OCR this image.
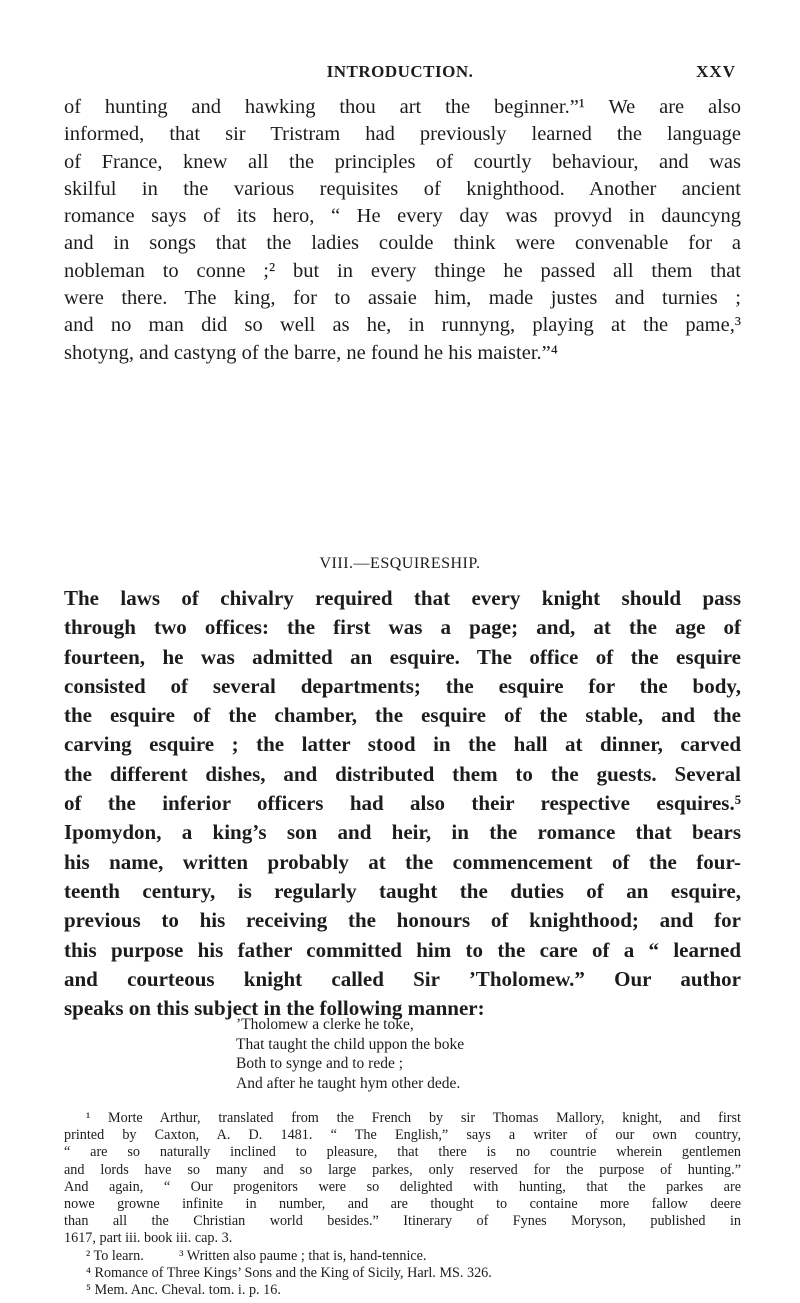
INTRODUCTION.	XXV
of hunting and hawking thou art the beginner.”¹ We are also
informed, that sir Tristram had previously learned the language
of France, knew all the principles of courtly behaviour, and was
skilful in the various requisites of knighthood. Another ancient
romance says of its hero, “ He every day was provyd in dauncyng
and in songs that the ladies coulde think were convenable for a
nobleman to conne ;² but in every thinge he passed all them that
were there. The king, for to assaie him, made justes and turnies ;
and no man did so well as he, in runnyng, playing at the pame,³
shotyng, and castyng of the barre, ne found he his maister.”⁴
VIII.—ESQUIRESHIP.
The laws of chivalry required that every knight should pass
through two offices: the first was a page; and, at the age of
fourteen, he was admitted an esquire. The office of the esquire
consisted of several departments; the esquire for the body,
the esquire of the chamber, the esquire of the stable, and the
carving esquire ; the latter stood in the hall at dinner, carved
the different dishes, and distributed them to the guests. Several
of the inferior officers had also their respective esquires.⁵
Ipomydon, a king’s son and heir, in the romance that bears
his name, written probably at the commencement of the four-
teenth century, is regularly taught the duties of an esquire,
previous to his receiving the honours of knighthood; and for
this purpose his father committed him to the care of a “ learned
and courteous knight called Sir ’Tholomew.” Our author
speaks on this subject in the following manner:
’Tholomew a clerke he toke,
That taught the child uppon the boke
Both to synge and to rede ;
And after he taught hym other dede.
¹ Morte Arthur, translated from the French by sir Thomas Mallory, knight, and first
printed by Caxton, A. D. 1481. “ The English,” says a writer of our own country,
“ are so naturally inclined to pleasure, that there is no countrie wherein gentlemen
and lords have so many and so large parkes, only reserved for the purpose of hunting.”
And again, “ Our progenitors were so delighted with hunting, that the parkes are
nowe growne infinite in number, and are thought to containe more fallow deere
than all the Christian world besides.” Itinerary of Fynes Moryson, published in
1617, part iii. book iii. cap. 3.
² To learn.          ³ Written also paume ; that is, hand-tennice.
⁴ Romance of Three Kings’ Sons and the King of Sicily, Harl. MS. 326.
⁵ Mem. Anc. Cheval. tom. i. p. 16.
